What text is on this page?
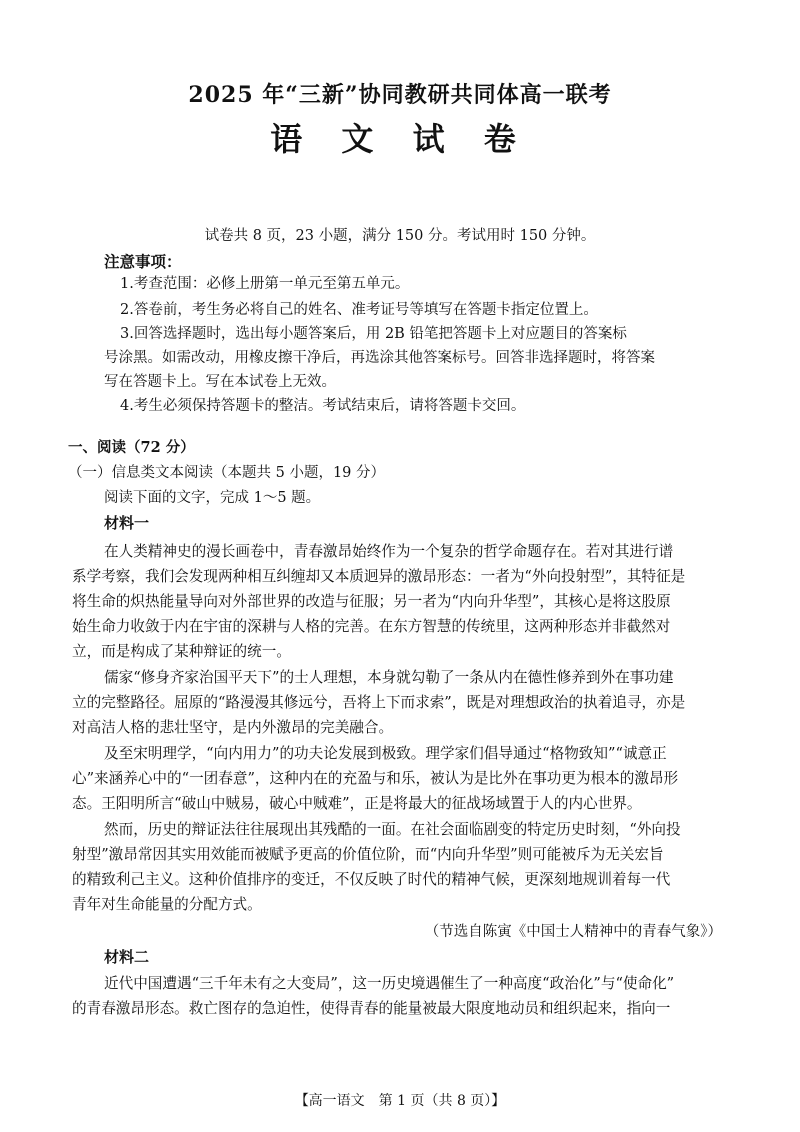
2025 年“三新”协同教研共同体高一联考
语 文 试 卷
试卷共 8 页，23 小题，满分 150 分。考试用时 150 分钟。
注意事项：
1.考查范围：必修上册第一单元至第五单元。
2.答卷前，考生务必将自己的姓名、准考证号等填写在答题卡指定位置上。
3.回答选择题时，选出每小题答案后，用 2B 铅笔把答题卡上对应题目的答案标
号涂黑。如需改动，用橡皮擦干净后，再选涂其他答案标号。回答非选择题时，将答案
写在答题卡上。写在本试卷上无效。
4.考生必须保持答题卡的整洁。考试结束后，请将答题卡交回。
一、阅读（72 分）
（一）信息类文本阅读（本题共 5 小题，19 分）
阅读下面的文字，完成 1～5 题。
材料一
在人类精神史的漫长画卷中，青春激昂始终作为一个复杂的哲学命题存在。若对其进行谱
系学考察，我们会发现两种相互纠缠却又本质迥异的激昂形态：一者为“外向投射型”，其特征是
将生命的炽热能量导向对外部世界的改造与征服；另一者为“内向升华型”，其核心是将这股原
始生命力收敛于内在宇宙的深耕与人格的完善。在东方智慧的传统里，这两种形态并非截然对
立，而是构成了某种辩证的统一。
儒家“修身齐家治国平天下”的士人理想，本身就勾勒了一条从内在德性修养到外在事功建
立的完整路径。屈原的“路漫漫其修远兮，吾将上下而求索”，既是对理想政治的执着追寻，亦是
对高洁人格的悲壮坚守，是内外激昂的完美融合。
及至宋明理学，“向内用力”的功夫论发展到极致。理学家们倡导通过“格物致知”“诚意正
心”来涵养心中的“一团春意”，这种内在的充盈与和乐，被认为是比外在事功更为根本的激昂形
态。王阳明所言“破山中贼易，破心中贼难”，正是将最大的征战场域置于人的内心世界。
然而，历史的辩证法往往展现出其残酷的一面。在社会面临剧变的特定历史时刻，“外向投
射型”激昂常因其实用效能而被赋予更高的价值位阶，而“内向升华型”则可能被斥为无关宏旨
的精致利己主义。这种价值排序的变迁，不仅反映了时代的精神气候，更深刻地规训着每一代
青年对生命能量的分配方式。
（节选自陈寅《中国士人精神中的青春气象》）
材料二
近代中国遭遇“三千年未有之大变局”，这一历史境遇催生了一种高度“政治化”与“使命化”
的青春激昂形态。救亡图存的急迫性，使得青春的能量被最大限度地动员和组织起来，指向一
【高一语文　第 1 页（共 8 页）】
